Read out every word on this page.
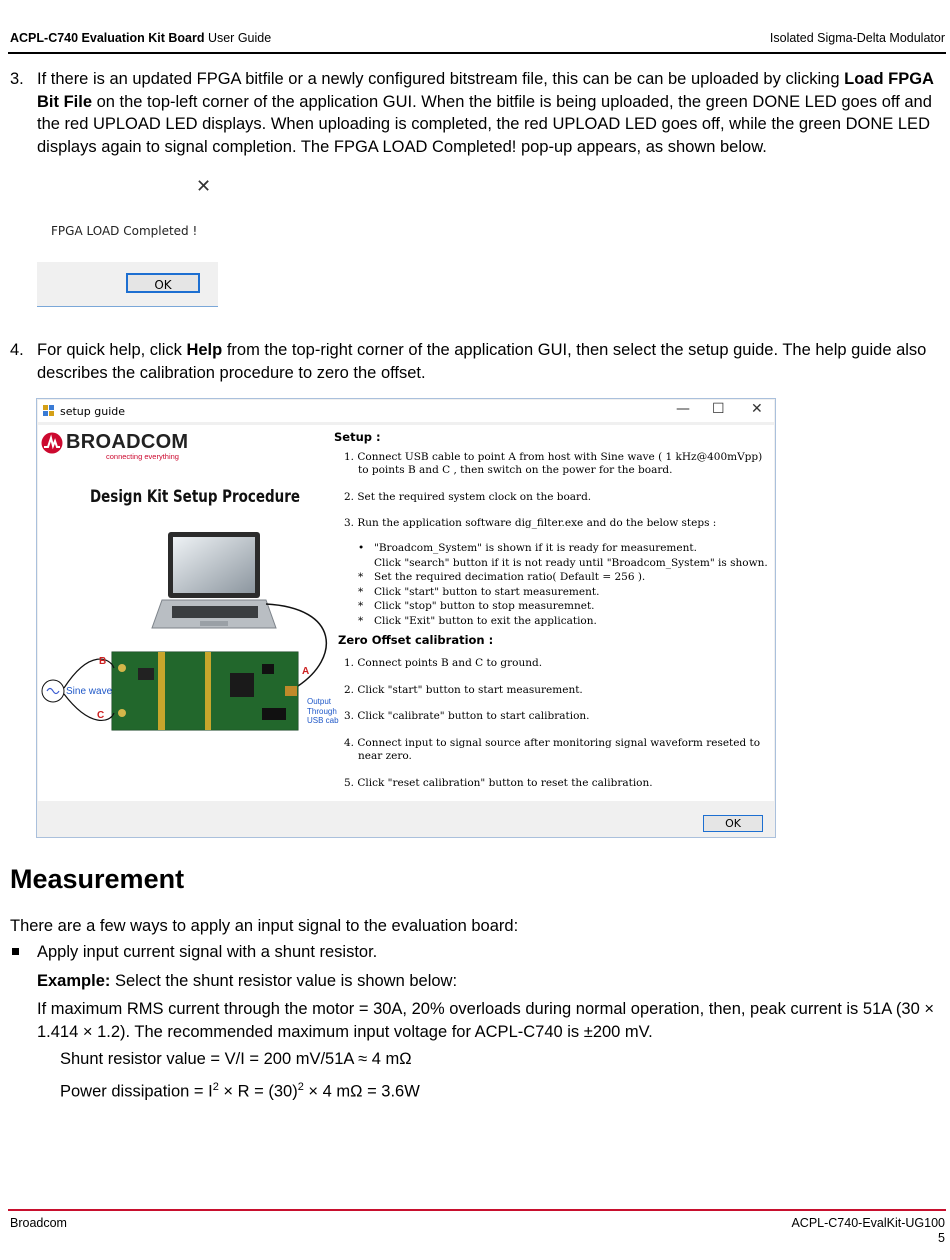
ACPL-C740 Evaluation Kit Board User Guide	Isolated Sigma-Delta Modulator
3. If there is an updated FPGA bitfile or a newly configured bitstream file, this can be can be uploaded by clicking Load FPGA Bit File on the top-left corner of the application GUI. When the bitfile is being uploaded, the green DONE LED goes off and the red UPLOAD LED displays. When uploading is completed, the red UPLOAD LED goes off, while the green DONE LED displays again to signal completion. The FPGA LOAD Completed! pop-up appears, as shown below.
✕
FPGA LOAD Completed !
OK
4. For quick help, click Help from the top-right corner of the application GUI, then select the setup guide. The help guide also describes the calibration procedure to zero the offset.
setup guide	— ☐ ✕
BROADCOM
connecting everything
Design Kit Setup Procedure
B
A
C
Sine wave
Output
Through
USB cab
Setup :
1. Connect USB cable to point A from host with Sine wave ( 1 kHz@400mVpp)
to points B and C , then switch on the power for the board.
2. Set the required system clock on the board.
3. Run the application software dig_filter.exe and do the below steps :
• "Broadcom_System" is shown if it is ready for measurement.
Click "search" button if it is not ready until "Broadcom_System" is shown.
* Set the required decimation ratio( Default = 256 ).
* Click "start" button to start measurement.
* Click "stop" button to stop measuremnet.
* Click "Exit" button to exit the application.
Zero Offset calibration :
1. Connect points B and C to ground.
2. Click "start" button to start measurement.
3. Click "calibrate" button to start calibration.
4. Connect input to signal source after monitoring signal waveform reseted to
near zero.
5. Click "reset calibration" button to reset the calibration.
OK
Measurement
There are a few ways to apply an input signal to the evaluation board:
Apply input current signal with a shunt resistor.
Example: Select the shunt resistor value is shown below:
If maximum RMS current through the motor = 30A, 20% overloads during normal operation, then, peak current is 51A (30 × 1.414 × 1.2). The recommended maximum input voltage for ACPL-C740 is ±200 mV.
Shunt resistor value = V/I = 200 mV/51A ≈ 4 mΩ
Power dissipation = $I^2 \times R = (30)^2 \times 4$ mΩ = 3.6W
Broadcom	ACPL-C740-EvalKit-UG100
5
